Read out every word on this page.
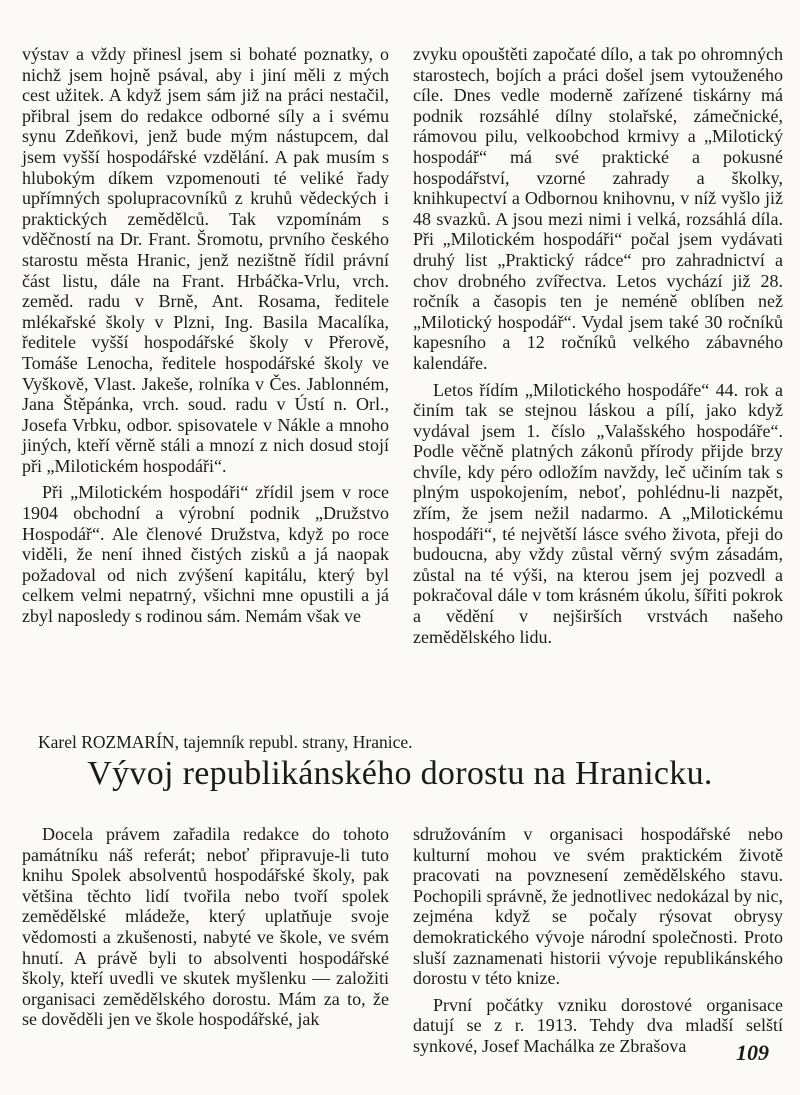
výstav a vždy přinesl jsem si bohaté poznatky, o nichž jsem hojně psával, aby i jiní měli z mých cest užitek. A když jsem sám již na práci nestačil, přibral jsem do redakce odborné síly a i svému synu Zdeňkovi, jenž bude mým nástupcem, dal jsem vyšší hospodářské vzdělání. A pak musím s hlubokým díkem vzpomenouti té veliké řady upřímných spolupracovníků z kruhů vědeckých i praktických zemědělců. Tak vzpomínám s vděčností na Dr. Frant. Šromotu, prvního českého starostu města Hranic, jenž nezištně řídil právní část listu, dále na Frant. Hrbáčka-Vrlu, vrch. zeměd. radu v Brně, Ant. Rosama, ředitele mlékařské školy v Plzni, Ing. Basila Macalíka, ředitele vyšší hospodářské školy v Přerově, Tomáše Lenocha, ředitele hospodářské školy ve Vyškově, Vlast. Jakeše, rolníka v Čes. Jablonném, Jana Štěpánka, vrch. soud. radu v Ústí n. Orl., Josefa Vrbku, odbor. spisovatele v Nákle a mnoho jiných, kteří věrně stáli a mnozí z nich dosud stojí při „Milotickém hospodáři“.

Při „Milotickém hospodáři“ zřídil jsem v roce 1904 obchodní a výrobní podnik „Družstvo Hospodář“. Ale členové Družstva, když po roce viděli, že není ihned čistých zisků a já naopak požadoval od nich zvýšení kapitálu, který byl celkem velmi nepatrný, všichni mne opustili a já zbyl naposledy s rodinou sám. Nemám však ve

zvyku opouštěti započaté dílo, a tak po ohromných starostech, bojích a práci došel jsem vytouženého cíle. Dnes vedle moderně zařízené tiskárny má podnik rozsáhlé dílny stolařské, zámečnické, rámovou pilu, velkoobchod krmivy a „Milotický hospodář“ má své praktické a pokusné hospodářství, vzorné zahrady a školky, knihkupectví a Odbornou knihovnu, v níž vyšlo již 48 svazků. A jsou mezi nimi i velká, rozsáhlá díla. Při „Milotickém hospodáři“ počal jsem vydávati druhý list „Praktický rádce“ pro zahradnictví a chov drobného zvířectva. Letos vychází již 28. ročník a časopis ten je neméně oblíben než „Milotický hospodář“. Vydal jsem také 30 ročníků kapesního a 12 ročníků velkého zábavného kalendáře.

Letos řídím „Milotického hospodáře“ 44. rok a činím tak se stejnou láskou a pílí, jako když vydával jsem 1. číslo „Valašského hospodáře“. Podle věčně platných zákonů přírody přijde brzy chvíle, kdy péro odložím navždy, leč učiním tak s plným uspokojením, neboť, pohlédnu-li nazpět, zřím, že jsem nežil nadarmo. A „Milotickému hospodáři“, té největší lásce svého života, přeji do budoucna, aby vždy zůstal věrný svým zásadám, zůstal na té výši, na kterou jsem jej pozvedl a pokračoval dále v tom krásném úkolu, šířiti pokrok a vědění v nejširších vrstvách našeho zemědělského lidu.

Karel ROZMARÍN, tajemník republ. strany, Hranice.
Vývoj republikánského dorostu na Hranicku.

Docela právem zařadila redakce do tohoto památníku náš referát; neboť připravuje-li tuto knihu Spolek absolventů hospodářské školy, pak většina těchto lidí tvořila nebo tvoří spolek zemědělské mládeže, který uplatňuje svoje vědomosti a zkušenosti, nabyté ve škole, ve svém hnutí. A právě byli to absolventi hospodářské školy, kteří uvedli ve skutek myšlenku — založiti organisaci zemědělského dorostu. Mám za to, že se dověděli jen ve škole hospodářské, jak

sdružováním v organisaci hospodářské nebo kulturní mohou ve svém praktickém životě pracovati na povznesení zemědělského stavu. Pochopili správně, že jednotlivec nedokázal by nic, zejména když se počaly rýsovat obrysy demokratického vývoje národní společnosti. Proto sluší zaznamenati historii vývoje republikánského dorostu v této knize.

První počátky vzniku dorostové organisace datují se z r. 1913. Tehdy dva mladší selští synkové, Josef Machálka ze Zbrašova	109
